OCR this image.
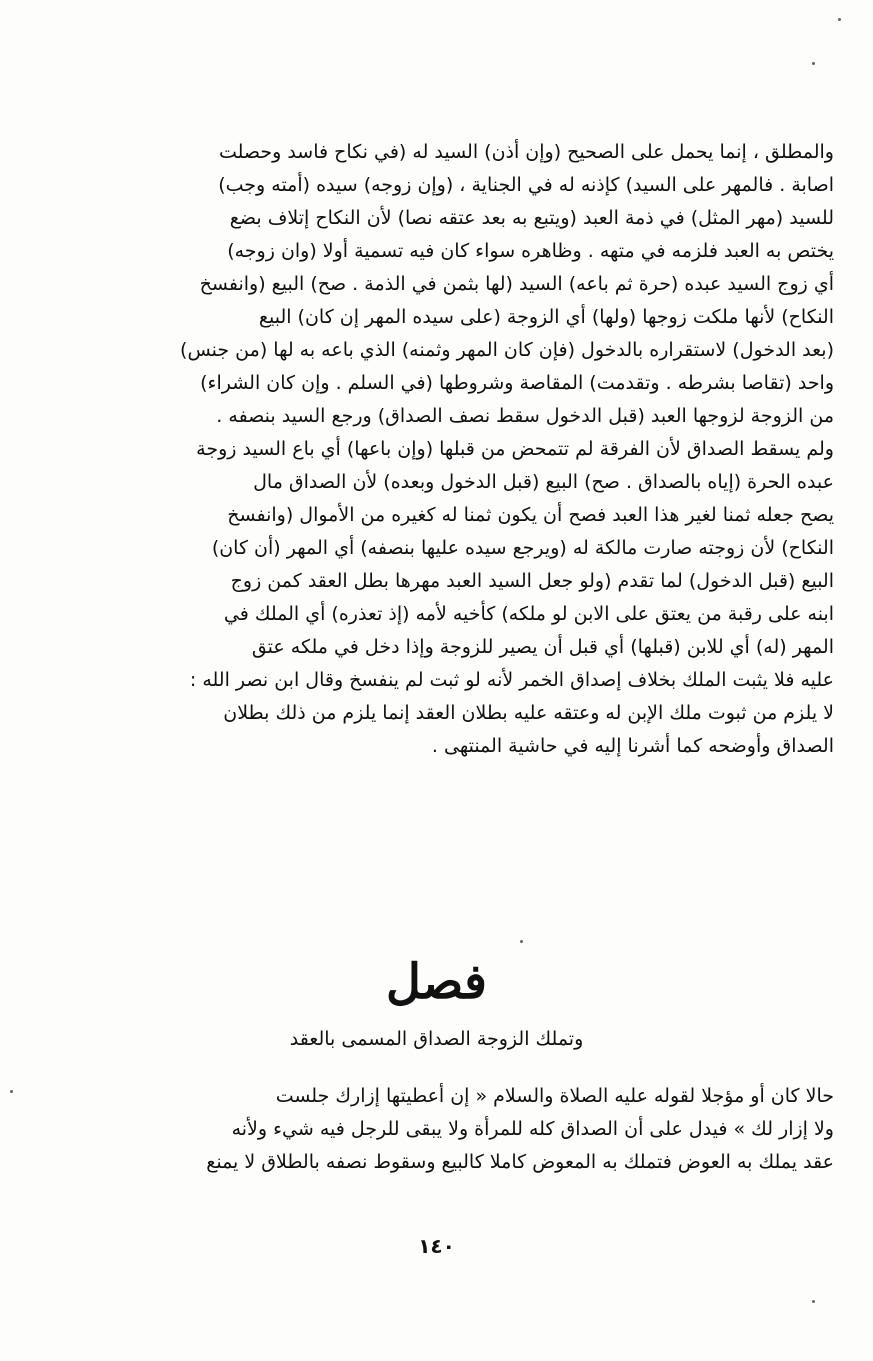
والمطلق ، إنما يحمل على الصحيح (وإن أذن) السيد له (في نكاح فاسد وحصلت
اصابة . فالمهر على السيد) كإذنه له في الجناية ، (وإن زوجه) سيده (أمته وجب)
للسيد (مهر المثل) في ذمة العبد (ويتبع به بعد عتقه نصا) لأن النكاح إتلاف بضع
يختص به العبد فلزمه في متهه . وظاهره سواء كان فيه تسمية أولا (وان زوجه)
أي زوج السيد عبده (حرة ثم باعه) السيد (لها بثمن في الذمة . صح) البيع (وانفسخ
النكاح) لأنها ملكت زوجها (ولها) أي الزوجة (على سيده المهر إن كان) البيع
(بعد الدخول) لاستقراره بالدخول (فإن كان المهر وثمنه) الذي باعه به لها (من جنس)
واحد (تقاصا بشرطه . وتقدمت) المقاصة وشروطها (في السلم . وإن كان الشراء)
من الزوجة لزوجها العبد (قبل الدخول سقط نصف الصداق) ورجع السيد بنصفه .
ولم يسقط الصداق لأن الفرقة لم تتمحض من قبلها (وإن باعها) أي باع السيد زوجة
عبده الحرة (إياه بالصداق . صح) البيع (قبل الدخول وبعده) لأن الصداق مال
يصح جعله ثمنا لغير هذا العبد فصح أن يكون ثمنا له كغيره من الأموال (وانفسخ
النكاح) لأن زوجته صارت مالكة له (ويرجع سيده عليها بنصفه) أي المهر (أن كان)
البيع (قبل الدخول) لما تقدم (ولو جعل السيد العبد مهرها بطل العقد كمن زوج
ابنه على رقبة من يعتق على الابن لو ملكه) كأخيه لأمه (إذ تعذره) أي الملك في
المهر (له) أي للابن (قبلها) أي قبل أن يصير للزوجة وإذا دخل في ملكه عتق
عليه فلا يثبت الملك بخلاف إصداق الخمر لأنه لو ثبت لم ينفسخ وقال ابن نصر الله :
لا يلزم من ثبوت ملك الإبن له وعتقه عليه بطلان العقد إنما يلزم من ذلك بطلان
الصداق وأوضحه كما أشرنا إليه في حاشية المنتهى .
فصل
وتملك الزوجة الصداق المسمى بالعقد
حالا كان أو مؤجلا لقوله عليه الصلاة والسلام « إن أعطيتها إزارك جلست
ولا إزار لك » فيدل على أن الصداق كله للمرأة ولا يبقى للرجل فيه شيء ولأنه
عقد يملك به العوض فتملك به المعوض كاملا كالبيع وسقوط نصفه بالطلاق لا يمنع
١٤٠
